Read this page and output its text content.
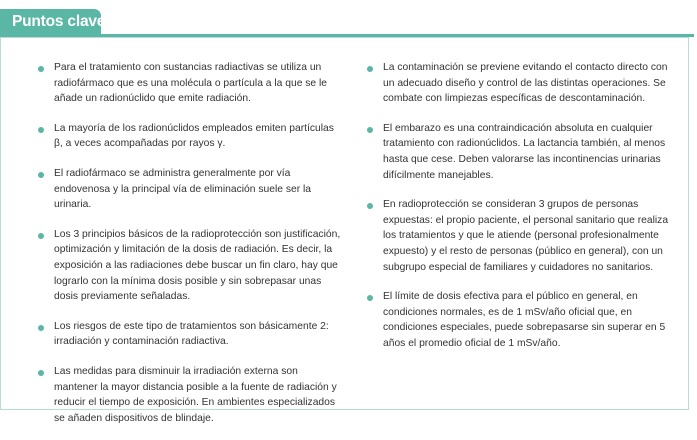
Puntos clave
Para el tratamiento con sustancias radiactivas se utiliza un radiofármaco que es una molécula o partícula a la que se le añade un radionúclido que emite radiación.
La mayoría de los radionúclidos empleados emiten partículas β, a veces acompañadas por rayos γ.
El radiofármaco se administra generalmente por vía endovenosa y la principal vía de eliminación suele ser la urinaria.
Los 3 principios básicos de la radioprotección son justificación, optimización y limitación de la dosis de radiación. Es decir, la exposición a las radiaciones debe buscar un fin claro, hay que lograrlo con la mínima dosis posible y sin sobrepasar unas dosis previamente señaladas.
Los riesgos de este tipo de tratamientos son básicamente 2: irradiación y contaminación radiactiva.
Las medidas para disminuir la irradiación externa son mantener la mayor distancia posible a la fuente de radiación y reducir el tiempo de exposición. En ambientes especializados se añaden dispositivos de blindaje.
La contaminación se previene evitando el contacto directo con un adecuado diseño y control de las distintas operaciones. Se combate con limpiezas específicas de descontaminación.
El embarazo es una contraindicación absoluta en cualquier tratamiento con radionúclidos. La lactancia también, al menos hasta que cese. Deben valorarse las incontinencias urinarias difícilmente manejables.
En radioprotección se consideran 3 grupos de personas expuestas: el propio paciente, el personal sanitario que realiza los tratamientos y que le atiende (personal profesionalmente expuesto) y el resto de personas (público en general), con un subgrupo especial de familiares y cuidadores no sanitarios.
El límite de dosis efectiva para el público en general, en condiciones normales, es de 1 mSv/año oficial que, en condiciones especiales, puede sobrepasarse sin superar en 5 años el promedio oficial de 1 mSv/año.
